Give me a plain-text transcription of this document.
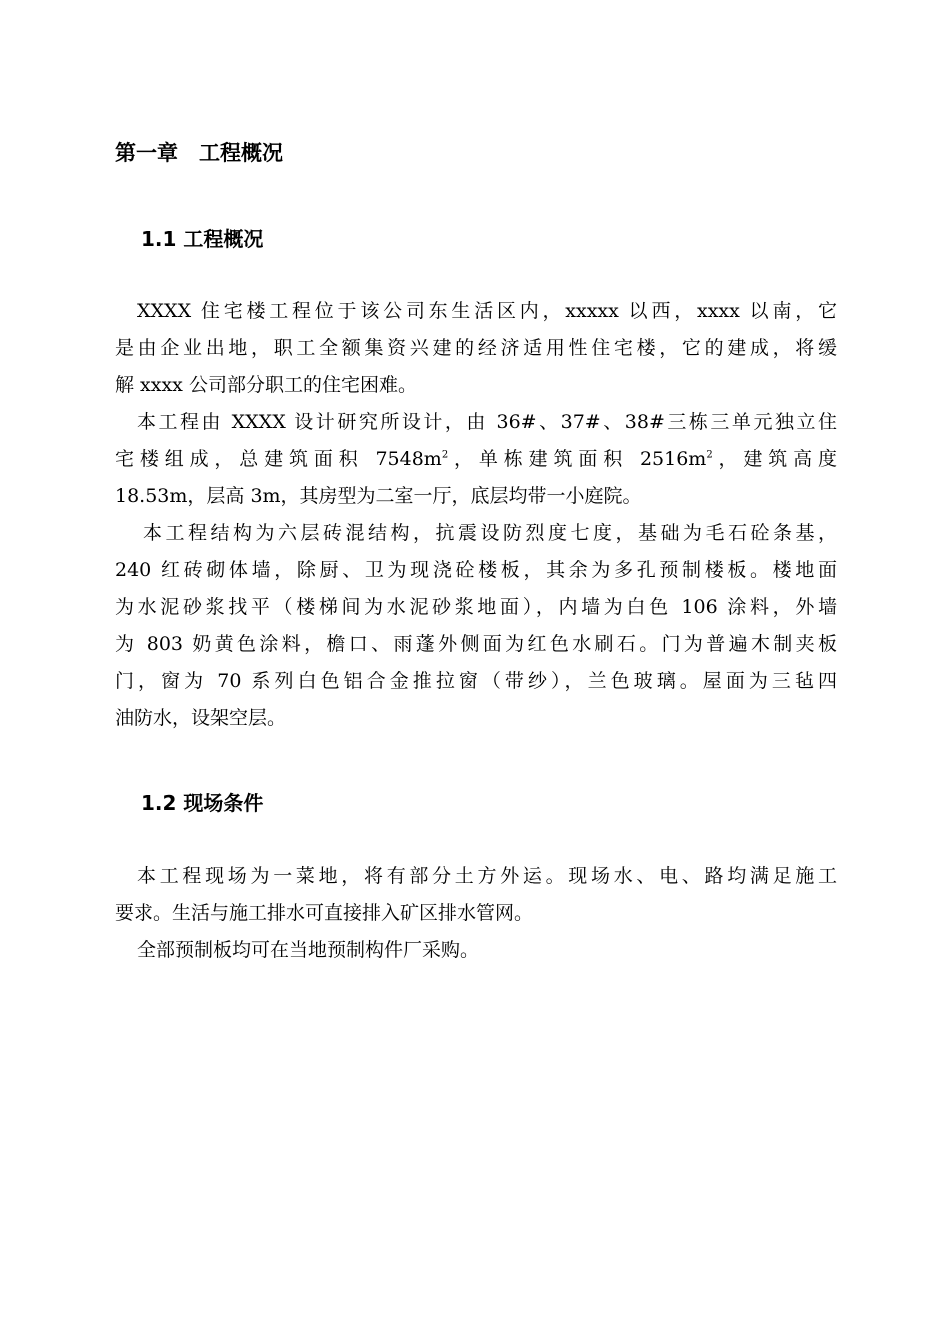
第一章　工程概况
1.1 工程概况

XXXX 住宅楼工程位于该公司东生活区内，xxxxx 以西，xxxx 以南，它
是由企业出地，职工全额集资兴建的经济适用性住宅楼，它的建成，将缓
解 xxxx 公司部分职工的住宅困难。

本工程由 XXXX 设计研究所设计，由 36#、37#、38#三栋三单元独立住
宅楼组成，总建筑面积 $7548m^2$，单栋建筑面积 $2516m^2$，建筑高度
18.53m，层高 3m，其房型为二室一厅，底层均带一小庭院。

本工程结构为六层砖混结构，抗震设防烈度七度，基础为毛石砼条基，
240 红砖砌体墙，除厨、卫为现浇砼楼板，其余为多孔预制楼板。楼地面
为水泥砂浆找平（楼梯间为水泥砂浆地面），内墙为白色 106 涂料，外墙
为 803 奶黄色涂料，檐口、雨蓬外侧面为红色水刷石。门为普遍木制夹板
门，窗为 70 系列白色铝合金推拉窗（带纱），兰色玻璃。屋面为三毡四
油防水，设架空层。

1.2 现场条件

本工程现场为一菜地，将有部分土方外运。现场水、电、路均满足施工
要求。生活与施工排水可直接排入矿区排水管网。

全部预制板均可在当地预制构件厂采购。
